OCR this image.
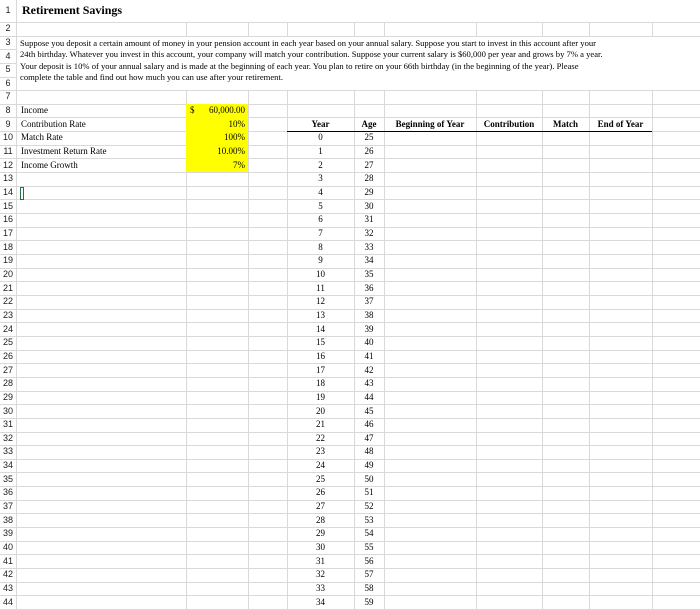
Retirement Savings
Suppose you deposit a certain amount of money in your pension account in each year based on your annual salary. Suppose you start to invest in this account after your
24th birthday. Whatever you invest in this account, your company will match your contribution. Suppose your current salary is $60,000 per year and grows by 7% a year.
Your deposit is 10% of your annual salary and is made at the beginning of each year. You plan to retire on your 66th birthday (in the beginning of the year). Please
complete the table and find out how much you can use after your retirement.
1
2
3
4
5
6
7
8
9
10
11
12
13
14
15
16
17
18
19
20
21
22
23
24
25
26
27
28
29
30
31
32
33
34
35
36
37
38
39
40
41
42
43
44
Income	$	60,000.00
Contribution Rate	10%
Match Rate	100%
Investment Return Rate	10.00%
Income Growth	7%
Year	Age	Beginning of Year	Contribution	Match	End of Year
0	25
1	26
2	27
3	28
4	29
5	30
6	31
7	32
8	33
9	34
10	35
11	36
12	37
13	38
14	39
15	40
16	41
17	42
18	43
19	44
20	45
21	46
22	47
23	48
24	49
25	50
26	51
27	52
28	53
29	54
30	55
31	56
32	57
33	58
34	59
